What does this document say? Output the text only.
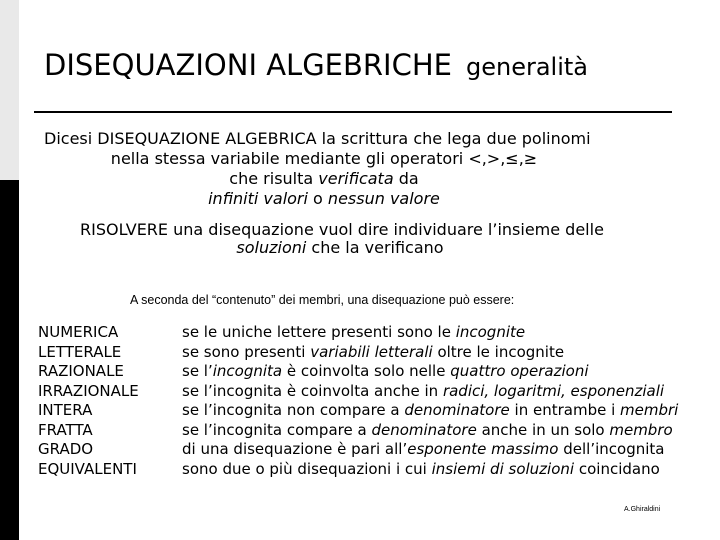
DISEQUAZIONI ALGEBRICHE generalità
Dicesi DISEQUAZIONE ALGEBRICA la scrittura che lega due polinomi
nella stessa variabile mediante gli operatori <,>,≤,≥
che risulta verificata da
infiniti valori o nessun valore
RISOLVERE una disequazione vuol dire individuare l’insieme delle
soluzioni che la verificano
A seconda del “contenuto” dei membri, una disequazione può essere:
NUMERICA	se le uniche lettere presenti sono le incognite
LETTERALE	se sono presenti variabili letterali oltre le incognite
RAZIONALE	se l’incognita è coinvolta solo nelle quattro operazioni
IRRAZIONALE	se l’incognita è coinvolta anche in radici, logaritmi, esponenziali
INTERA	se l’incognita non compare a denominatore in entrambe i membri
FRATTA	se l’incognita compare a denominatore anche in un solo membro
GRADO	di una disequazione è pari all’esponente massimo dell’incognita
EQUIVALENTI	sono due o più disequazioni i cui insiemi di soluzioni coincidano
A.Ghiraldini
